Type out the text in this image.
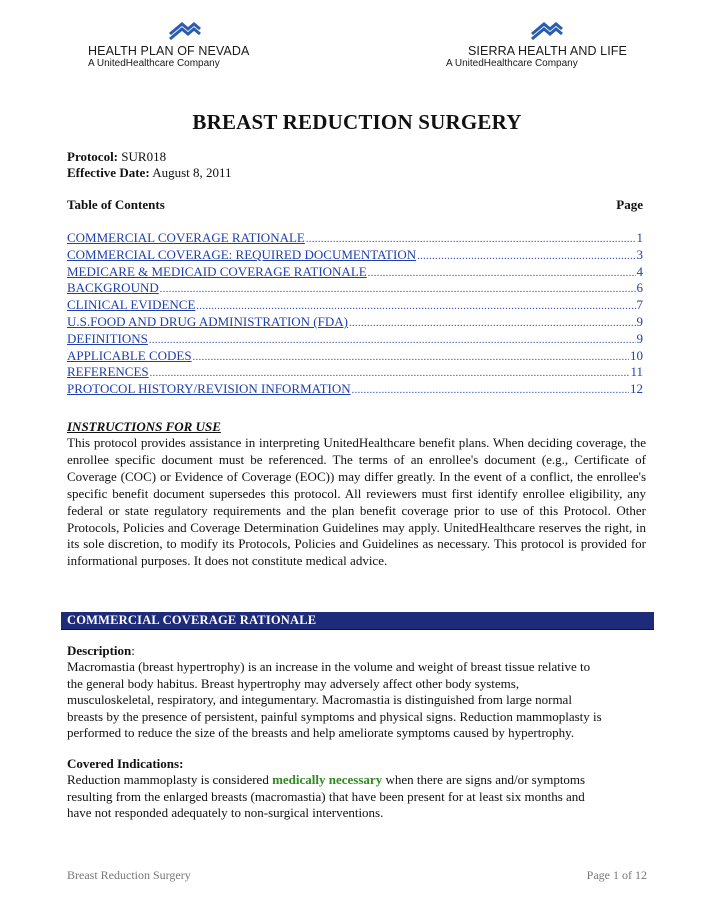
HEALTH PLAN OF NEVADA
A UnitedHealthcare Company
SIERRA HEALTH AND LIFE
A UnitedHealthcare Company
BREAST REDUCTION SURGERY
Protocol: SUR018
Effective Date: August 8, 2011
Table of Contents	Page
COMMERCIAL COVERAGE RATIONALE .....	1
COMMERCIAL COVERAGE: REQUIRED DOCUMENTATION .....	3
MEDICARE & MEDICAID COVERAGE RATIONALE .....	4
BACKGROUND .....	6
CLINICAL EVIDENCE .....	7
U.S.FOOD AND DRUG ADMINISTRATION (FDA) .....	9
DEFINITIONS .....	9
APPLICABLE CODES .....	10
REFERENCES .....	11
PROTOCOL HISTORY/REVISION INFORMATION .....	12
INSTRUCTIONS FOR USE
This protocol provides assistance in interpreting UnitedHealthcare benefit plans. When deciding coverage, the enrollee specific document must be referenced. The terms of an enrollee's document (e.g., Certificate of Coverage (COC) or Evidence of Coverage (EOC)) may differ greatly. In the event of a conflict, the enrollee's specific benefit document supersedes this protocol. All reviewers must first identify enrollee eligibility, any federal or state regulatory requirements and the plan benefit coverage prior to use of this Protocol. Other Protocols, Policies and Coverage Determination Guidelines may apply. UnitedHealthcare reserves the right, in its sole discretion, to modify its Protocols, Policies and Guidelines as necessary. This protocol is provided for informational purposes. It does not constitute medical advice.
COMMERCIAL COVERAGE RATIONALE
Description:
Macromastia (breast hypertrophy) is an increase in the volume and weight of breast tissue relative to
the general body habitus. Breast hypertrophy may adversely affect other body systems,
musculoskeletal, respiratory, and integumentary. Macromastia is distinguished from large normal
breasts by the presence of persistent, painful symptoms and physical signs. Reduction mammoplasty is
performed to reduce the size of the breasts and help ameliorate symptoms caused by hypertrophy.
Covered Indications:
Reduction mammoplasty is considered medically necessary when there are signs and/or symptoms
resulting from the enlarged breasts (macromastia) that have been present for at least six months and
have not responded adequately to non-surgical interventions.
Breast Reduction Surgery	Page 1 of 12
